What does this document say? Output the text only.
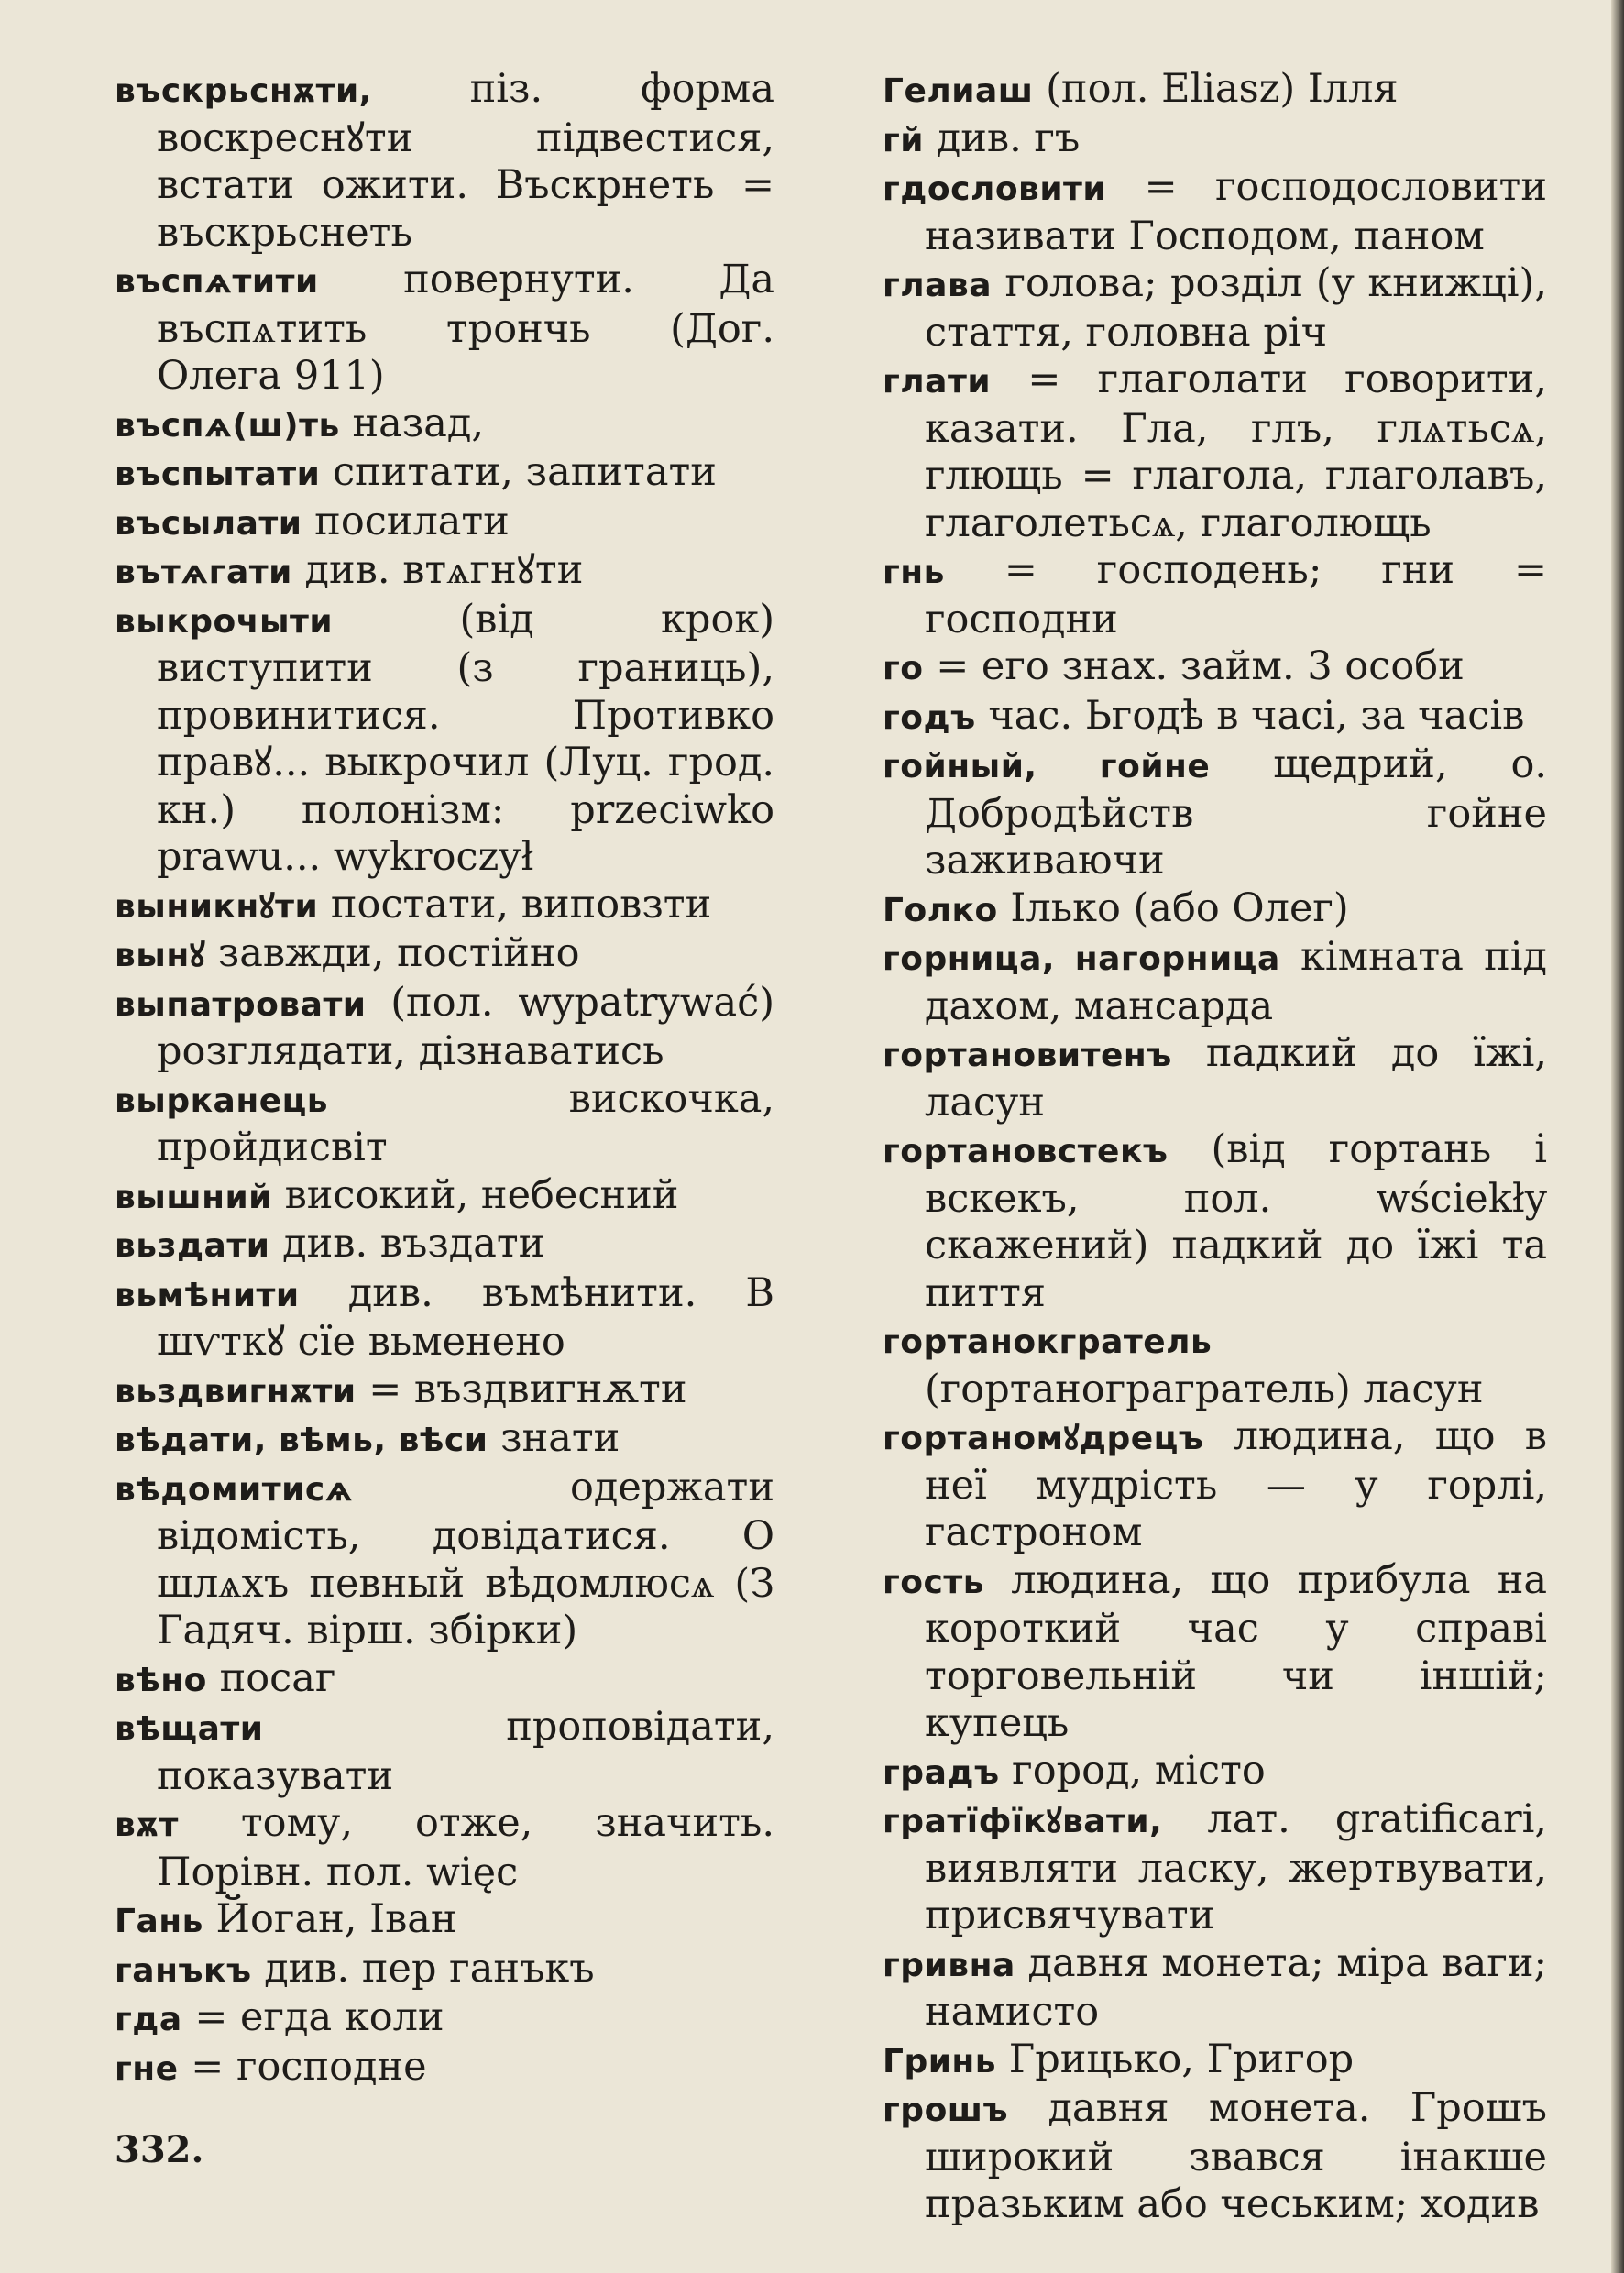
въскрьснѫти, піз. форма воскреснꙋти підвестися, встати ожити. Въскрнеть = въскрьснеть

въспѧтити повернути. Да въспѧтить трончь (Дог. Олега 911)

въспѧ(ш)ть назад,

въспытати спитати, запитати

въсылати посилати

вътѧгати див. втѧгнꙋти

выкрочыти	(від крок) виступити (з границь), провинитися. Противко правꙋ... выкрочил (Луц. грод. кн.) полонізм: przeciwko prawu... wykroczył

выникнꙋти постати, виповзти

вынꙋ завжди, постійно

выпатровати (пол. wypatrywać) розглядати, дізнаватись

вырканець	вискочка, пройдисвіт

вышний високий, небесний

вьздати див. въздати

вьмѣнити див. въмѣнити. В шѵткꙋ сїе вьменено

вьздвигнѫти = въздвигнѫти

вѣдати, вѣмь, вѣси знати

вѣдомитисѧ	одержати відомість, довідатися. О шлѧхъ певный вѣдомлюсѧ (З Гадяч. вірш. збірки)

вѣно посаг

вѣщати	проповідати, показувати

вѫт тому, отже, значить. Порівн. пол. więc

Гань Йоган, Іван

ганъкъ див. пер ганъкъ

гда = егда коли

гне = господне

Гелиаш (пол. Eliasz) Ілля

гй див. гъ

гдословити = господословити називати Господом, паном

глава голова; розділ (у книжці), стаття, головна річ

глати = глаголати говорити, казати. Гла, глъ, глѧтьсѧ, глющь = глагола, глаголавъ, глаголетьсѧ, глаголющь

гнь = господень; гни = господни

го = его знах. займ. 3 особи

годъ час. Ьгодѣ в часі, за часів

гойный, гойне щедрий, о. Добродѣйств гойне заживаючи

Голко Ілько (або Олег)

горница, нагорница кімната під дахом, мансарда

гортановитенъ падкий до їжі, ласун

гортановстекъ (від гортань і вскекъ, пол. wściekły скажений) падкий до їжі та пиття

гортанокгратель (гортанограгратель) ласун

гортаномꙋдрецъ людина, що в неї мудрість — у горлі, гастроном

гость людина, що прибула на короткий час у справі торговельній чи іншій; купець

градъ город, місто

гратїфїкꙋвати, лат. gratificari, виявляти ласку, жертвувати, присвячувати

гривна давня монета; міра ваги; намисто

Гринь Грицько, Григор

грошъ давня монета. Грошъ широкий звався інакше празьким або чеським; ходив

332.
